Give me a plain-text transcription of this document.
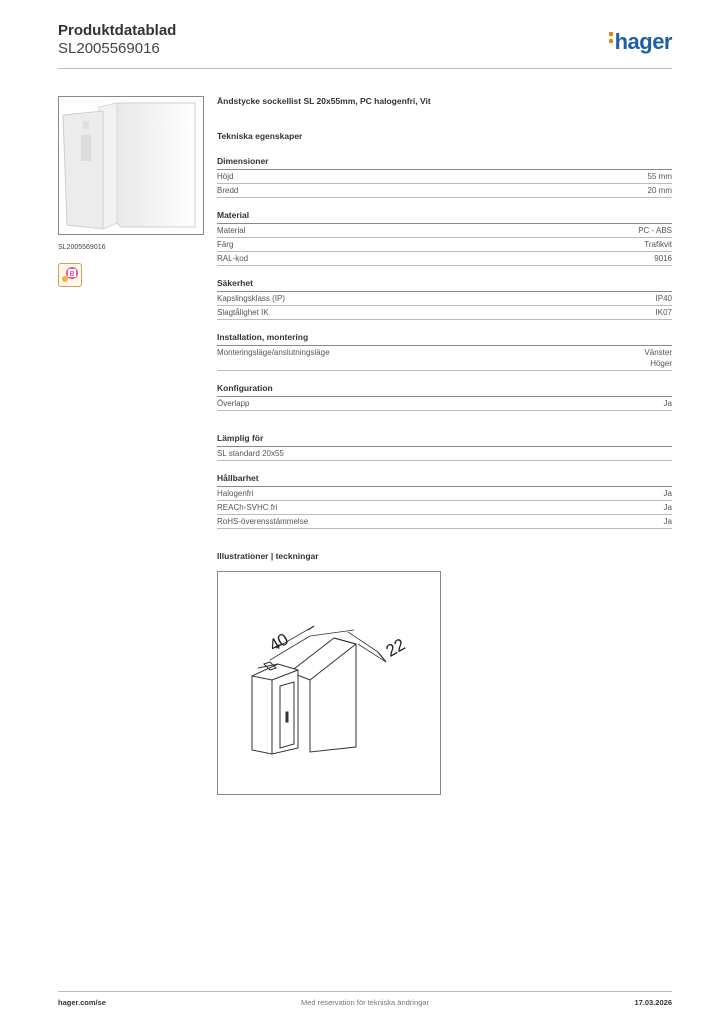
Produktdatablad
SL2005569016	hager
SL2005569016
B
Ändstycke sockellist SL 20x55mm, PC halogenfri, Vit
Tekniska egenskaper
Dimensioner
Höjd	55 mm
Bredd	20 mm
Material
Material	PC - ABS
Färg	Trafikvit
RAL-kod	9016
Säkerhet
Kapslingsklass (IP)	IP40
Slagtålighet IK	IK07
Installation, montering
Monteringsläge/anslutningsläge	Vänster
Höger
Konfiguration
Överlapp	Ja
Lämplig för
SL standard 20x55
Hållbarhet
Halogenfri	Ja
REACh-SVHC fri	Ja
RoHS-överensstämmelse	Ja
Illustrationer | teckningar
40	22
hager.com/se	Med reservation för tekniska ändringar	17.03.2026
